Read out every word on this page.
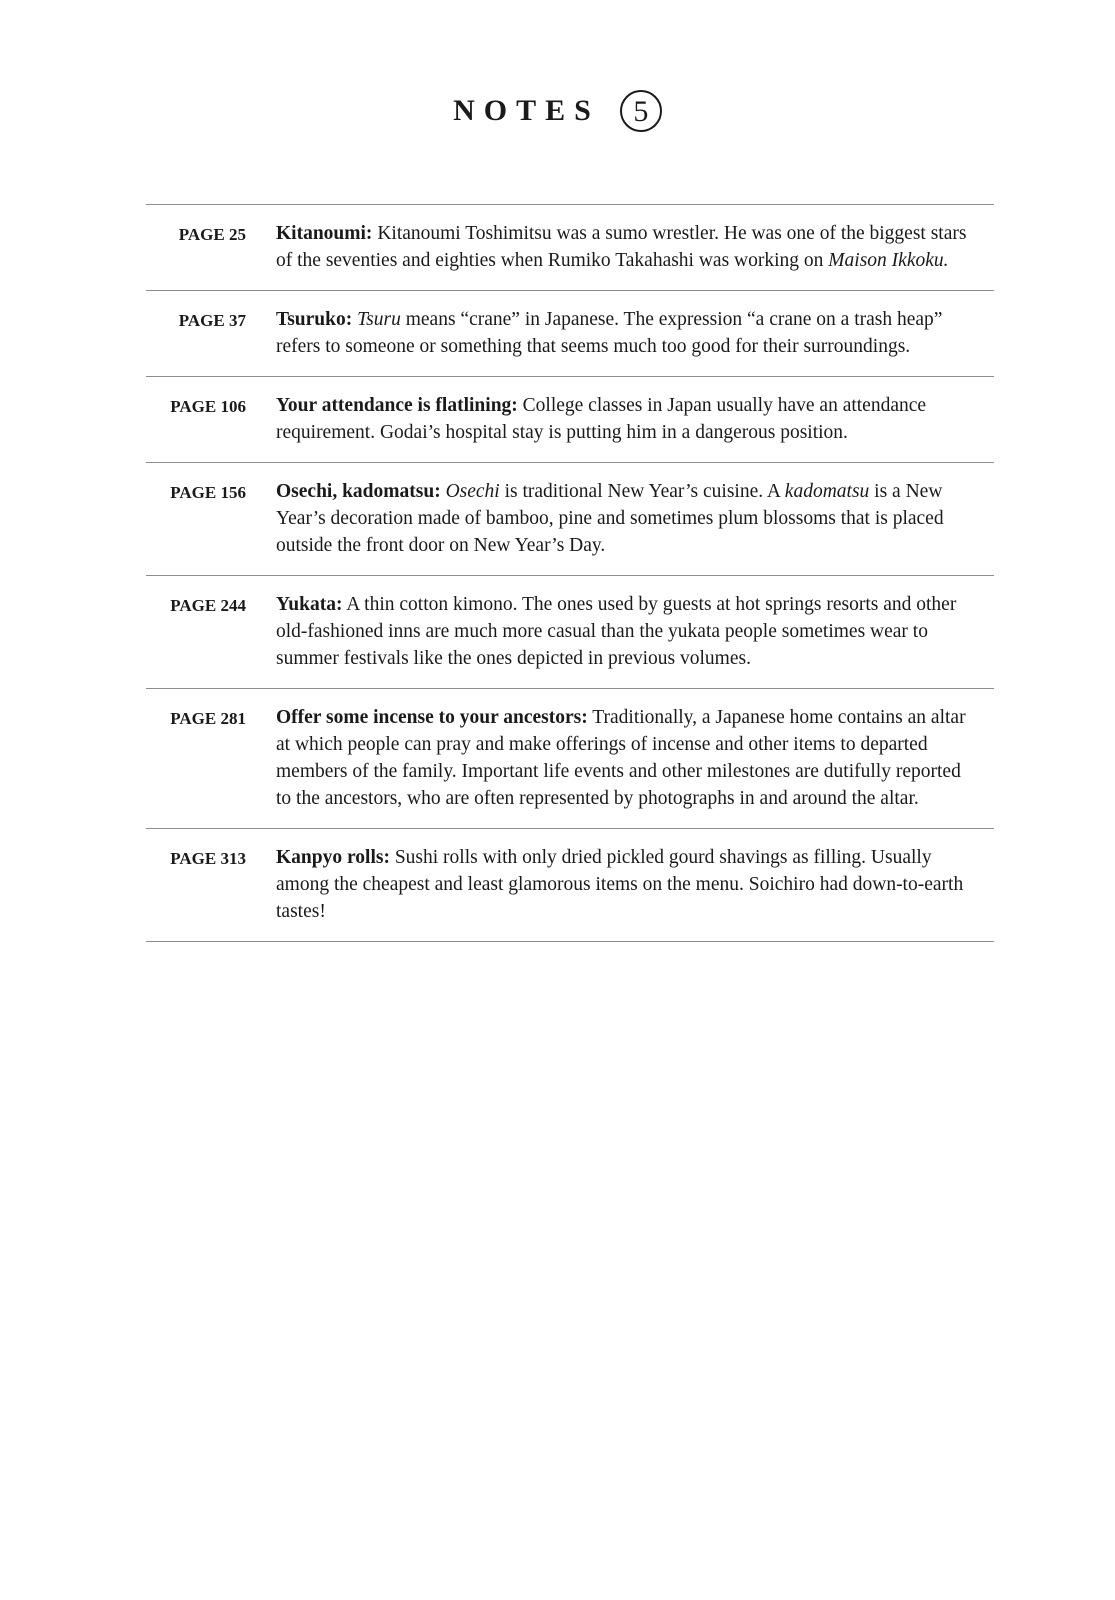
NOTES	5
PAGE 25 Kitanoumi: Kitanoumi Toshimitsu was a sumo wrestler. He was one of the biggest stars of the seventies and eighties when Rumiko Takahashi was working on Maison Ikkoku.
PAGE 37 Tsuruko: Tsuru means “crane” in Japanese. The expression “a crane on a trash heap” refers to someone or something that seems much too good for their surroundings.
PAGE 106 Your attendance is flatlining: College classes in Japan usually have an attendance requirement. Godai’s hospital stay is putting him in a dangerous position.
PAGE 156 Osechi, kadomatsu: Osechi is traditional New Year’s cuisine. A kadomatsu is a New Year’s decoration made of bamboo, pine and sometimes plum blossoms that is placed outside the front door on New Year’s Day.
PAGE 244 Yukata: A thin cotton kimono. The ones used by guests at hot springs resorts and other old-fashioned inns are much more casual than the yukata people sometimes wear to summer festivals like the ones depicted in previous volumes.
PAGE 281 Offer some incense to your ancestors: Traditionally, a Japanese home contains an altar at which people can pray and make offerings of incense and other items to departed members of the family. Important life events and other milestones are dutifully reported to the ancestors, who are often represented by photographs in and around the altar.
PAGE 313 Kanpyo rolls: Sushi rolls with only dried pickled gourd shavings as filling. Usually among the cheapest and least glamorous items on the menu. Soichiro had down-to-earth tastes!
